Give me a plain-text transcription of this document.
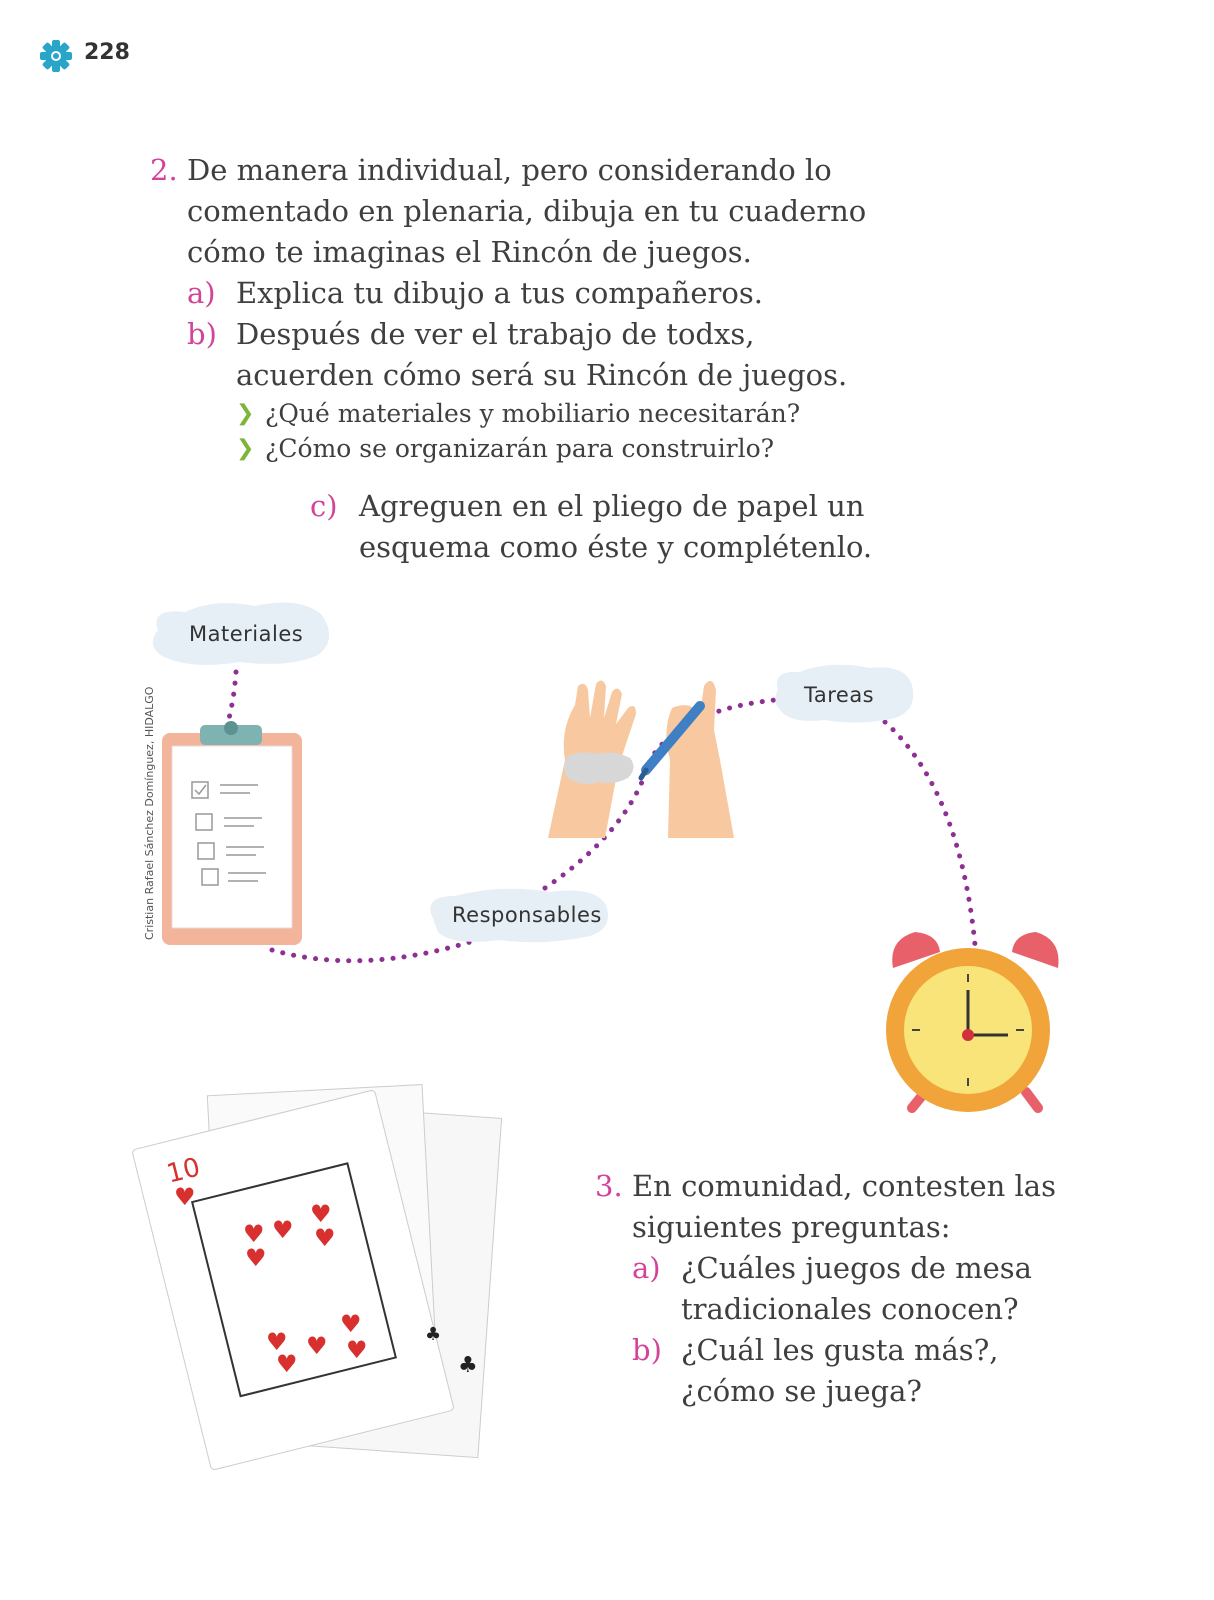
228
Cristian Rafael Sánchez Domínguez, HIDALGO
2. De manera individual, pero considerando lo
comentado en plenaria, dibuja en tu cuaderno
cómo te imaginas el Rincón de juegos.
a) Explica tu dibujo a tus compañeros.
b) Después de ver el trabajo de todxs,
acuerden cómo será su Rincón de juegos.
❯ ¿Qué materiales y mobiliario necesitarán?
❯ ¿Cómo se organizarán para construirlo?
c) Agreguen en el pliego de papel un
esquema como éste y complétenlo.
♥ ♥
♥
♥
♥
♥ ♥
♥
♥ ♥
♥
♣
♣
Materiales
Tareas
Responsables
10	3. En comunidad, contesten las
siguientes preguntas:
a) ¿Cuáles juegos de mesa
tradicionales conocen?
b) ¿Cuál les gusta más?,
¿cómo se juega?
